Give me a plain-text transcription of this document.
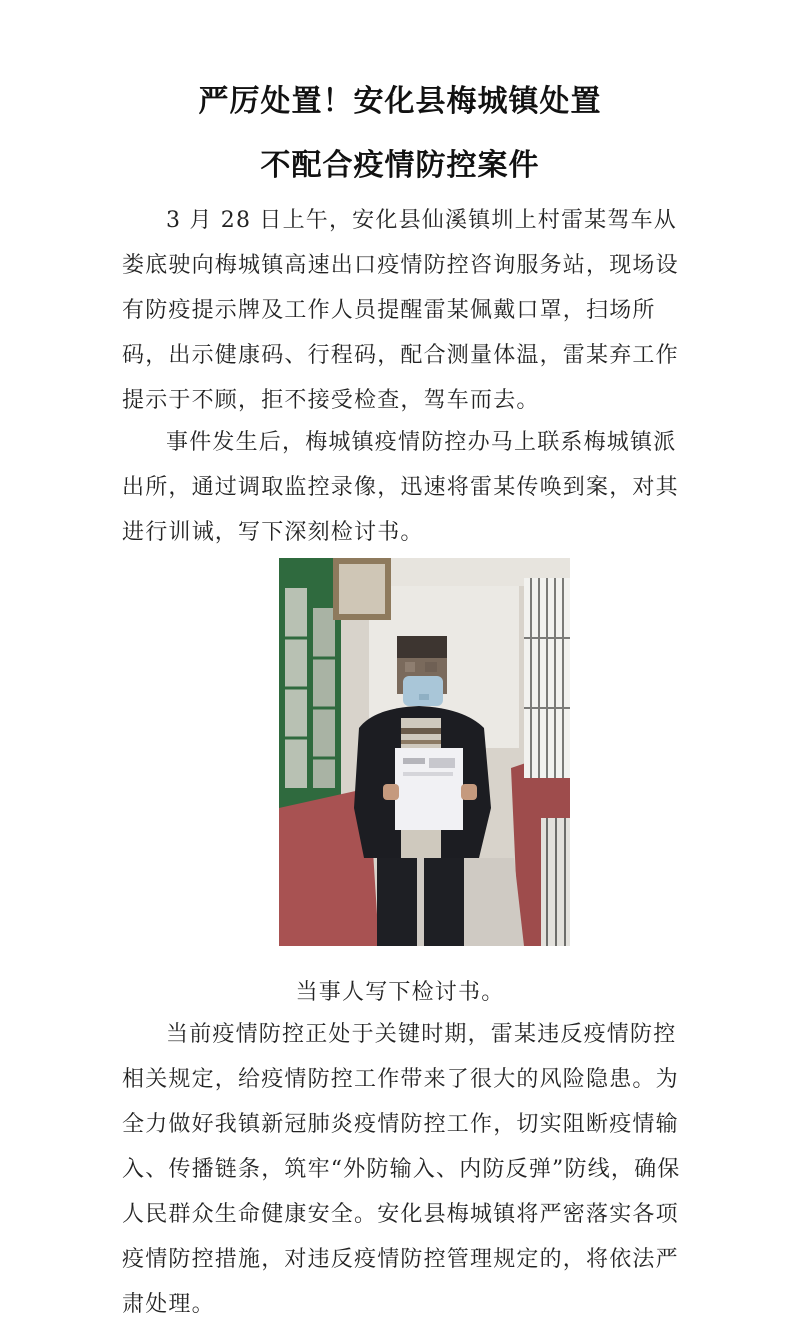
严厉处置！安化县梅城镇处置
不配合疫情防控案件

3 月 28 日上午，安化县仙溪镇圳上村雷某驾车从娄底驶向梅城镇高速出口疫情防控咨询服务站，现场设有防疫提示牌及工作人员提醒雷某佩戴口罩，扫场所码，出示健康码、行程码，配合测量体温，雷某弃工作提示于不顾，拒不接受检查，驾车而去。

事件发生后，梅城镇疫情防控办马上联系梅城镇派出所，通过调取监控录像，迅速将雷某传唤到案，对其进行训诫，写下深刻检讨书。

当事人写下检讨书。

当前疫情防控正处于关键时期，雷某违反疫情防控相关规定，给疫情防控工作带来了很大的风险隐患。为全力做好我镇新冠肺炎疫情防控工作，切实阻断疫情输入、传播链条，筑牢“外防输入、内防反弹”防线，确保人民群众生命健康安全。安化县梅城镇将严密落实各项疫情防控措施，对违反疫情防控管理规定的，将依法严肃处理。
